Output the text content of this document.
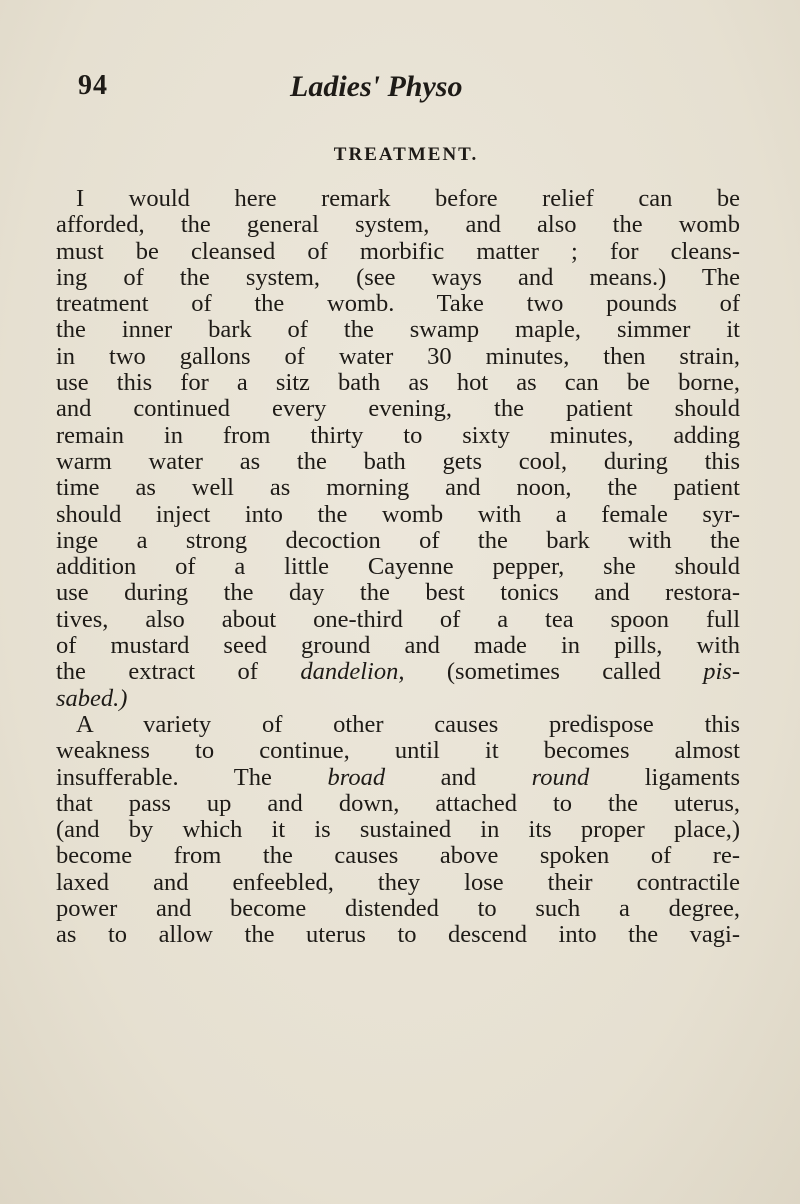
94	Ladies' Physo
TREATMENT.
I would here remark before relief can be
afforded, the general system, and also the womb
must be cleansed of morbific matter ; for cleans-
ing of the system, (see ways and means.) The
treatment of the womb. Take two pounds of
the inner bark of the swamp maple, simmer it
in two gallons of water 30 minutes, then strain,
use this for a sitz bath as hot as can be borne,
and continued every evening, the patient should
remain in from thirty to sixty minutes, adding
warm water as the bath gets cool, during this
time as well as morning and noon, the patient
should inject into the womb with a female syr-
inge a strong decoction of the bark with the
addition of a little Cayenne pepper, she should
use during the day the best tonics and restora-
tives, also about one-third of a tea spoon full
of mustard seed ground and made in pills, with
the extract of dandelion, (sometimes called pis-
sabed.)
A variety of other causes predispose this
weakness to continue, until it becomes almost
insufferable. The broad and round ligaments
that pass up and down, attached to the uterus,
(and by which it is sustained in its proper place,)
become from the causes above spoken of re-
laxed and enfeebled, they lose their contractile
power and become distended to such a degree,
as to allow the uterus to descend into the vagi-
